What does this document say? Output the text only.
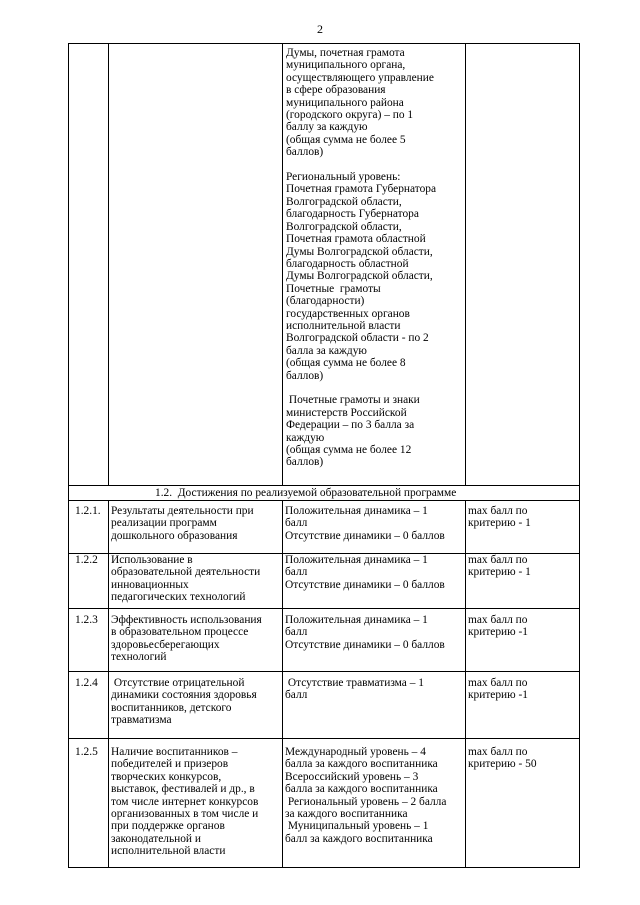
2
Думы, почетная грамота
муниципального органа,
осуществляющего управление
в сфере образования
муниципального района
(городского округа) – по 1
баллу за каждую
(общая сумма не более 5
баллов)

Региональный уровень:
Почетная грамота Губернатора
Волгоградской области,
благодарность Губернатора
Волгоградской области,
Почетная грамота областной
Думы Волгоградской области,
благодарность областной
Думы Волгоградской области,
Почетные  грамоты
(благодарности)
государственных органов
исполнительной власти
Волгоградской области - по 2
балла за каждую
(общая сумма не более 8
баллов)

Почетные грамоты и знаки
министерств Российской
Федерации – по 3 балла за
каждую
(общая сумма не более 12
баллов)
1.2.  Достижения по реализуемой образовательной программе
1.2.1. Результаты деятельности при
реализации программ
дошкольного образования
Положительная динамика – 1
балл
Отсутствие динамики – 0 баллов
max балл по
критерию - 1
1.2.2 Использование в
образовательной деятельности
инновационных
педагогических технологий
Положительная динамика – 1
балл
Отсутствие динамики – 0 баллов
max балл по
критерию - 1
1.2.3 Эффективность использования
в образовательном процессе
здоровьесберегающих
технологий
Положительная динамика – 1
балл
Отсутствие динамики – 0 баллов
max балл по
критерию -1
1.2.4 Отсутствие отрицательной
динамики состояния здоровья
воспитанников, детского
травматизма
Отсутствие травматизма – 1
балл
max балл по
критерию -1
1.2.5 Наличие воспитанников –
победителей и призеров
творческих конкурсов,
выставок, фестивалей и др., в
том числе интернет конкурсов
организованных в том числе и
при поддержке органов
законодательной и
исполнительной власти
Международный уровень – 4
балла за каждого воспитанника
Всероссийский уровень – 3
балла за каждого воспитанника
Региональный уровень – 2 балла
за каждого воспитанника
Муниципальный уровень – 1
балл за каждого воспитанника
max балл по
критерию - 50
